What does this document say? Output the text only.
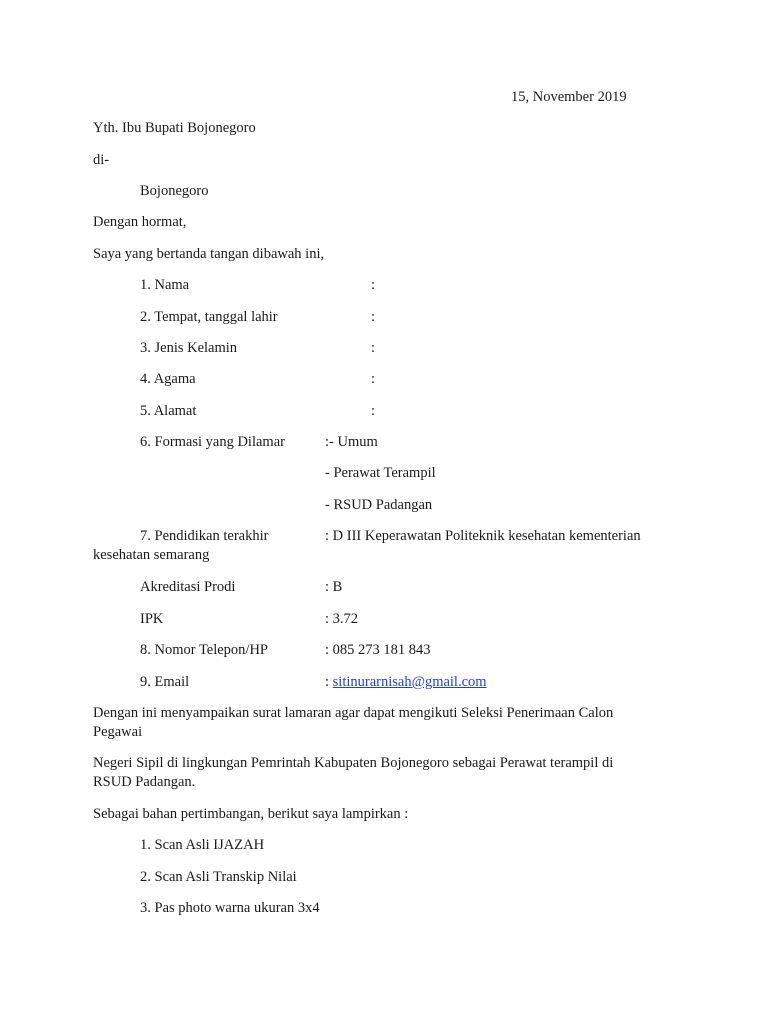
15, November 2019
Yth. Ibu Bupati Bojonegoro
di-
Bojonegoro
Dengan hormat,
Saya yang bertanda tangan dibawah ini,
1. Nama	:
2. Tempat, tanggal lahir	:
3. Jenis Kelamin	:
4. Agama	:
5. Alamat	:
6. Formasi yang Dilamar	:- Umum
- Perawat Terampil
- RSUD Padangan
7. Pendidikan terakhir	: D III Keperawatan Politeknik kesehatan kementerian
kesehatan semarang
Akreditasi Prodi	: B
IPK	: 3.72
8. Nomor Telepon/HP	: 085 273 181 843
9. Email	: sitinurarnisah@gmail.com
Dengan ini menyampaikan surat lamaran agar dapat mengikuti Seleksi Penerimaan Calon
Pegawai
Negeri Sipil di lingkungan Pemrintah Kabupaten Bojonegoro sebagai Perawat terampil di
RSUD Padangan.
Sebagai bahan pertimbangan, berikut saya lampirkan :
1. Scan Asli IJAZAH
2. Scan Asli Transkip Nilai
3. Pas photo warna ukuran 3x4
